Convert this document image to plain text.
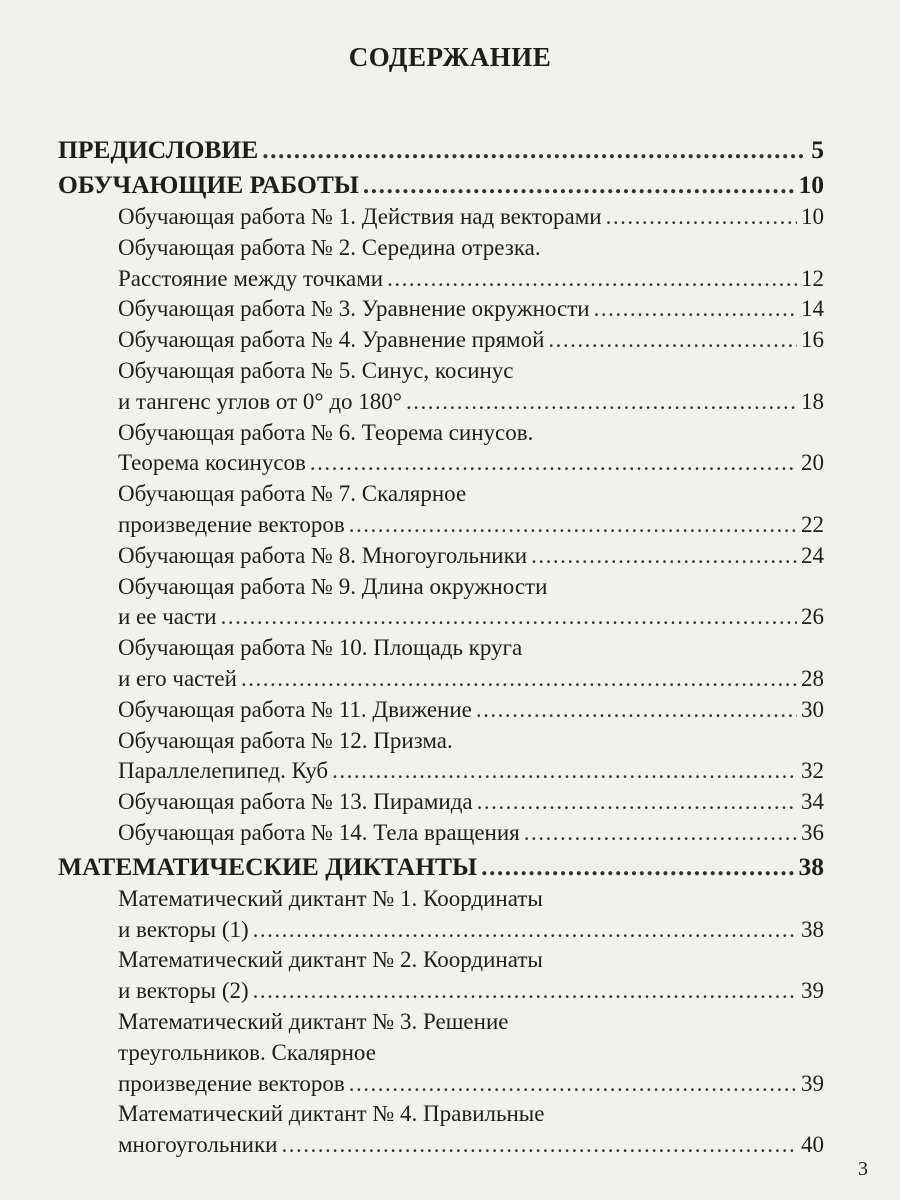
СОДЕРЖАНИЕ
ПРЕДИСЛОВИЕ .....	5
ОБУЧАЮЩИЕ РАБОТЫ .....	10
Обучающая работа № 1. Действия над векторами .....	10
Обучающая работа № 2. Середина отрезка.
Расстояние между точками .....	12
Обучающая работа № 3. Уравнение окружности .....	14
Обучающая работа № 4. Уравнение прямой .....	16
Обучающая работа № 5. Синус, косинус
и тангенс углов от 0° до 180° .....	18
Обучающая работа № 6. Теорема синусов.
Теорема косинусов .....	20
Обучающая работа № 7. Скалярное
произведение векторов .....	22
Обучающая работа № 8. Многоугольники .....	24
Обучающая работа № 9. Длина окружности
и ее части .....	26
Обучающая работа № 10. Площадь круга
и его частей .....	28
Обучающая работа № 11. Движение .....	30
Обучающая работа № 12. Призма.
Параллелепипед. Куб .....	32
Обучающая работа № 13. Пирамида .....	34
Обучающая работа № 14. Тела вращения .....	36
МАТЕМАТИЧЕСКИЕ ДИКТАНТЫ .....	38
Математический диктант № 1. Координаты
и векторы (1) .....	38
Математический диктант № 2. Координаты
и векторы (2) .....	39
Математический диктант № 3. Решение
треугольников. Скалярное
произведение векторов .....	39
Математический диктант № 4. Правильные
многоугольники .....	40
3
